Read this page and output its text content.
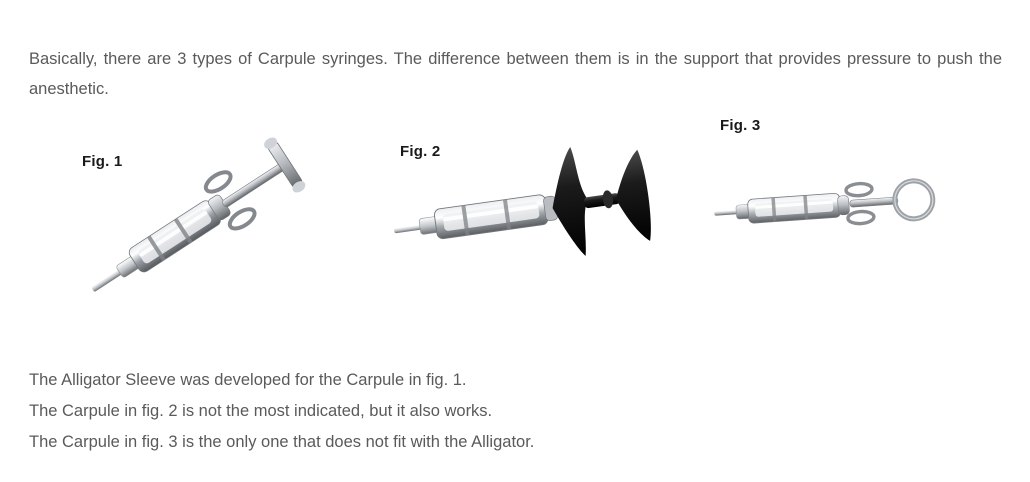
Basically, there are 3 types of Carpule syringes. The difference between them is in the support that provides pressure to push the anesthetic.

Fig. 1
Fig. 2
Fig. 3
The Alligator Sleeve was developed for the Carpule in fig. 1.
The Carpule in fig. 2 is not the most indicated, but it also works.
The Carpule in fig. 3 is the only one that does not fit with the Alligator.
